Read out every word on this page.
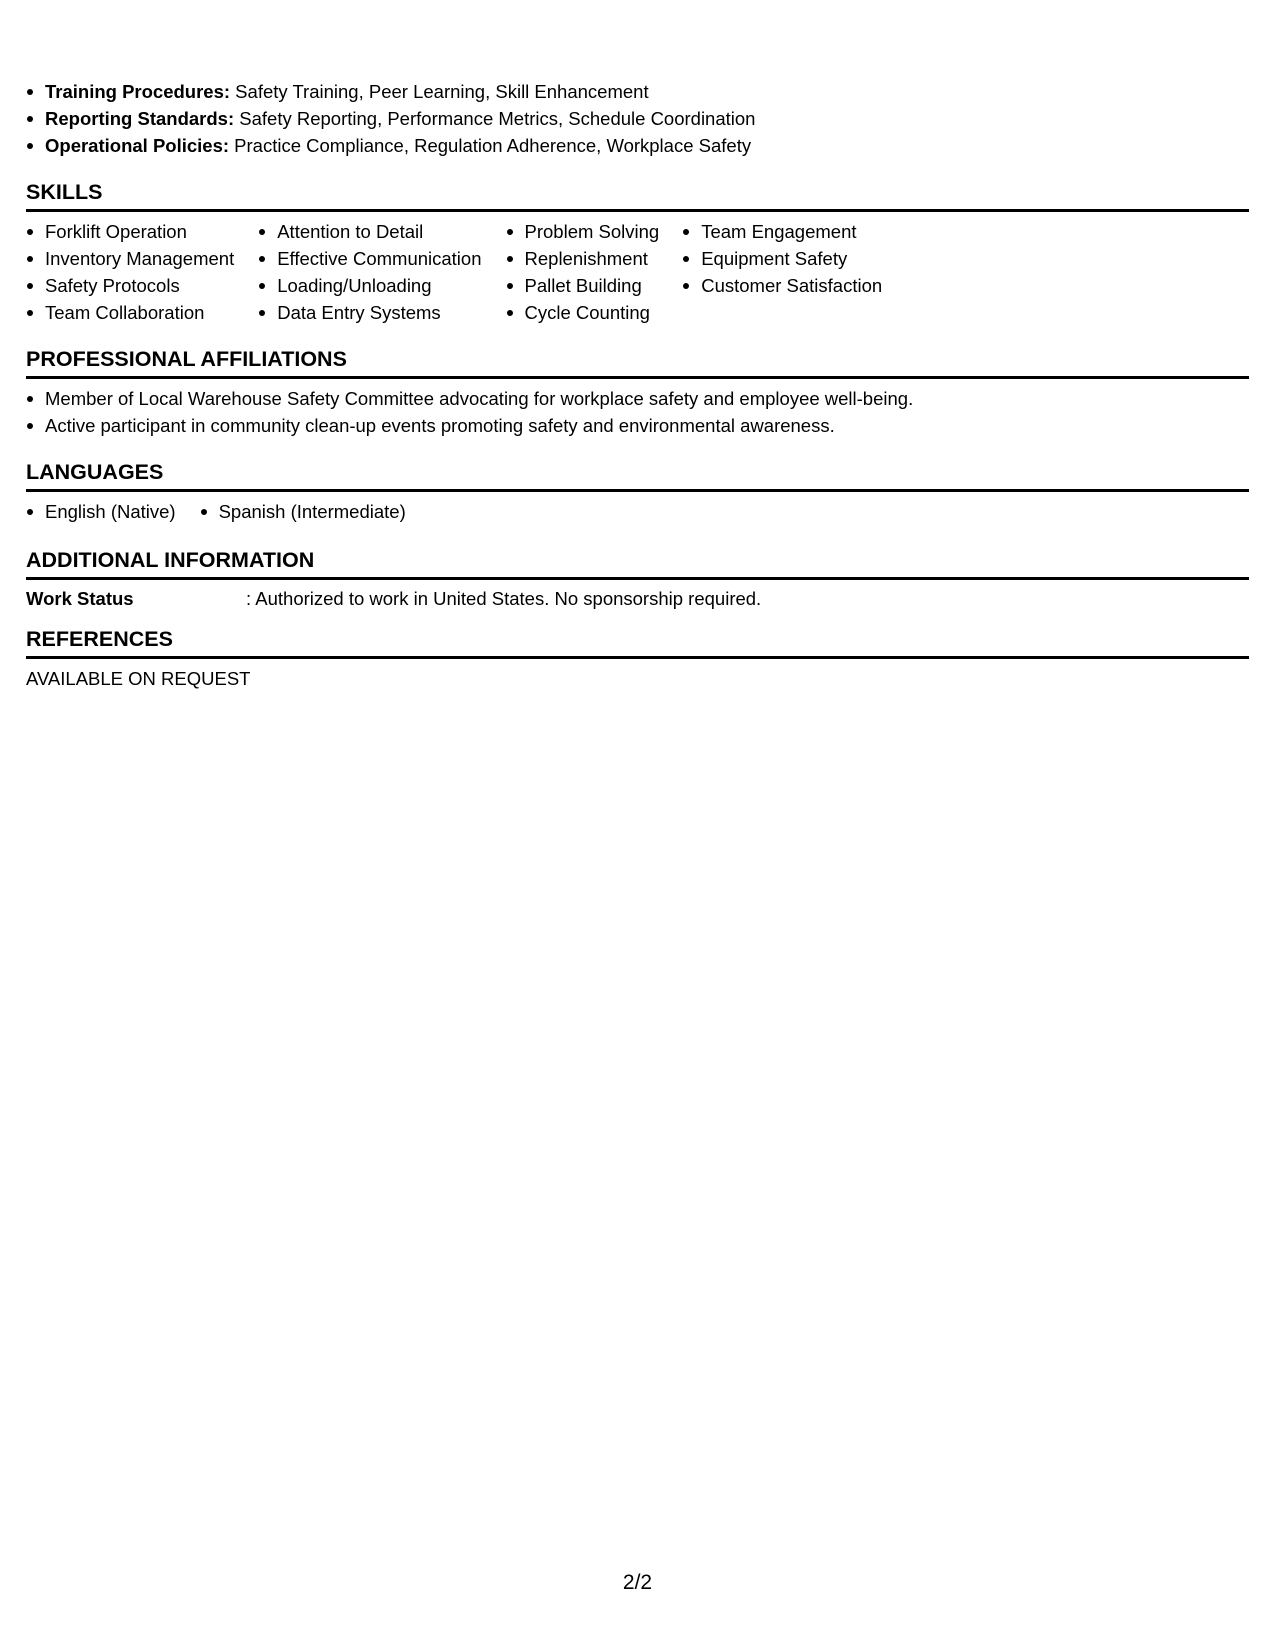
Training Procedures: Safety Training, Peer Learning, Skill Enhancement
Reporting Standards: Safety Reporting, Performance Metrics, Schedule Coordination
Operational Policies: Practice Compliance, Regulation Adherence, Workplace Safety
SKILLS
Forklift Operation
Inventory Management
Safety Protocols
Team Collaboration
Attention to Detail
Effective Communication
Loading/Unloading
Data Entry Systems
Problem Solving
Replenishment
Pallet Building
Cycle Counting
Team Engagement
Equipment Safety
Customer Satisfaction
PROFESSIONAL AFFILIATIONS
Member of Local Warehouse Safety Committee advocating for workplace safety and employee well-being.
Active participant in community clean-up events promoting safety and environmental awareness.
LANGUAGES
English (Native)	Spanish (Intermediate)
ADDITIONAL INFORMATION
Work Status	: Authorized to work in United States. No sponsorship required.
REFERENCES
AVAILABLE ON REQUEST
2/2
